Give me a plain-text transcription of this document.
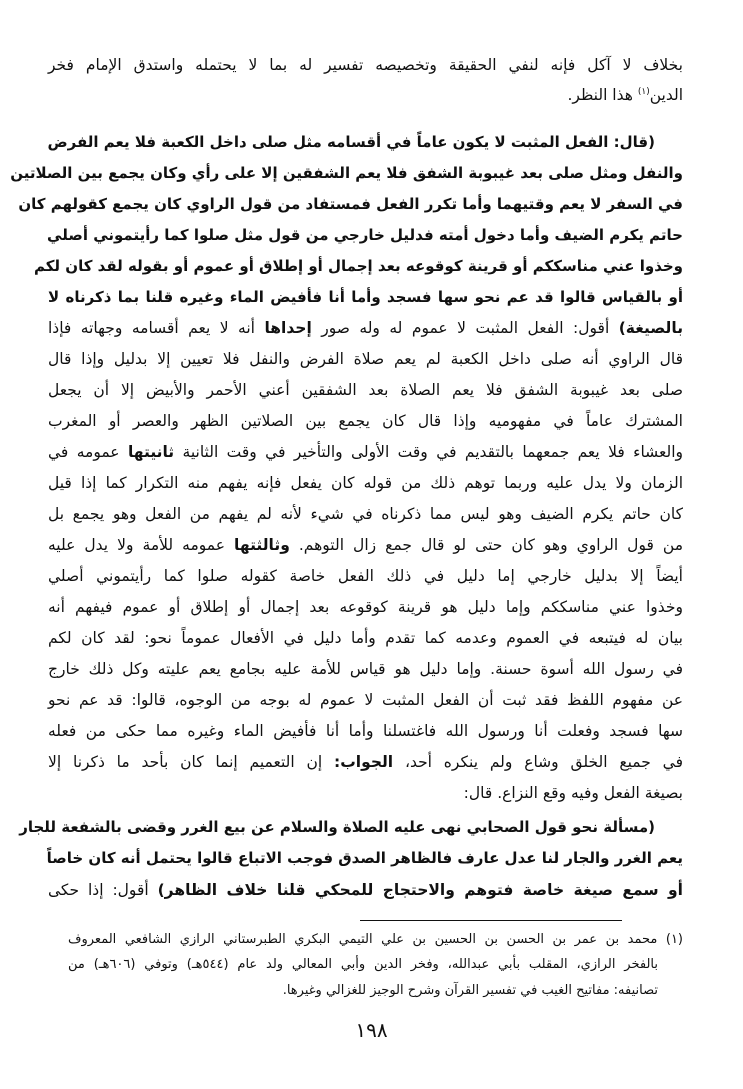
بخلاف لا آكل فإنه لنفي الحقيقة وتخصيصه تفسير له بما لا يحتمله واستدق الإمام فخر
الدين$^{(١)}$ هذا النظر.
(قال: الفعل المثبت لا يكون عاماً في أقسامه مثل صلى داخل الكعبة فلا يعم الفرض
والنفل ومثل صلى بعد غيبوبة الشفق فلا يعم الشفقين إلا على رأي وكان يجمع بين الصلاتين
في السفر لا يعم وقتيهما وأما تكرر الفعل فمستفاد من قول الراوي كان يجمع كقولهم كان
حاتم يكرم الضيف وأما دخول أمته فدليل خارجي من قول مثل صلوا كما رأيتموني أصلي
وخذوا عني مناسككم أو قرينة كوقوعه بعد إجمال أو إطلاق أو عموم أو بقوله لقد كان لكم
أو بالقياس قالوا قد عم نحو سها فسجد وأما أنا فأفيض الماء وغيره قلنا بما ذكرناه لا
بالصيغة) أقول: الفعل المثبت لا عموم له وله صور إحداها أنه لا يعم أقسامه وجهاته فإذا
قال الراوي أنه صلى داخل الكعبة لم يعم صلاة الفرض والنفل فلا تعيين إلا بدليل وإذا قال
صلى بعد غيبوبة الشفق فلا يعم الصلاة بعد الشفقين أعني الأحمر والأبيض إلا أن يجعل
المشترك عاماً في مفهوميه وإذا قال كان يجمع بين الصلاتين الظهر والعصر أو المغرب
والعشاء فلا يعم جمعهما بالتقديم في وقت الأولى والتأخير في وقت الثانية ثانيتها عمومه في
الزمان ولا يدل عليه وربما توهم ذلك من قوله كان يفعل فإنه يفهم منه التكرار كما إذا قيل
كان حاتم يكرم الضيف وهو ليس مما ذكرناه في شيء لأنه لم يفهم من الفعل وهو يجمع بل
من قول الراوي وهو كان حتى لو قال جمع زال التوهم. وثالثتها عمومه للأمة ولا يدل عليه
أيضاً إلا بدليل خارجي إما دليل في ذلك الفعل خاصة كقوله صلوا كما رأيتموني أصلي
وخذوا عني مناسككم وإما دليل هو قرينة كوقوعه بعد إجمال أو إطلاق أو عموم فيفهم أنه
بيان له فيتبعه في العموم وعدمه كما تقدم وأما دليل في الأفعال عموماً نحو: لقد كان لكم
في رسول الله أسوة حسنة. وإما دليل هو قياس للأمة عليه بجامع يعم عليته وكل ذلك خارج
عن مفهوم اللفظ فقد ثبت أن الفعل المثبت لا عموم له بوجه من الوجوه، قالوا: قد عم نحو
سها فسجد وفعلت أنا ورسول الله فاغتسلنا وأما أنا فأفيض الماء وغيره مما حكى من فعله
في جميع الخلق وشاع ولم ينكره أحد، الجواب: إن التعميم إنما كان بأحد ما ذكرنا إلا
بصيغة الفعل وفيه وقع النزاع. قال:
(مسألة نحو قول الصحابي نهى عليه الصلاة والسلام عن بيع الغرر وقضى بالشفعة للجار
يعم الغرر والجار لنا عدل عارف فالظاهر الصدق فوجب الاتباع قالوا يحتمل أنه كان خاصاً
أو سمع صيغة خاصة فتوهم والاحتجاج للمحكي قلنا خلاف الظاهر) أقول: إذا حكى
(١) محمد بن عمر بن الحسن بن الحسين بن علي التيمي البكري الطبرستاني الرازي الشافعي المعروف
بالفخر الرازي، المقلب بأبي عبدالله، وفخر الدين وأبي المعالي ولد عام (٥٤٤هـ) وتوفي (٦٠٦هـ) من
تصانيفه: مفاتيح الغيب في تفسير القرآن وشرح الوجيز للغزالي وغيرها.
١٩٨
